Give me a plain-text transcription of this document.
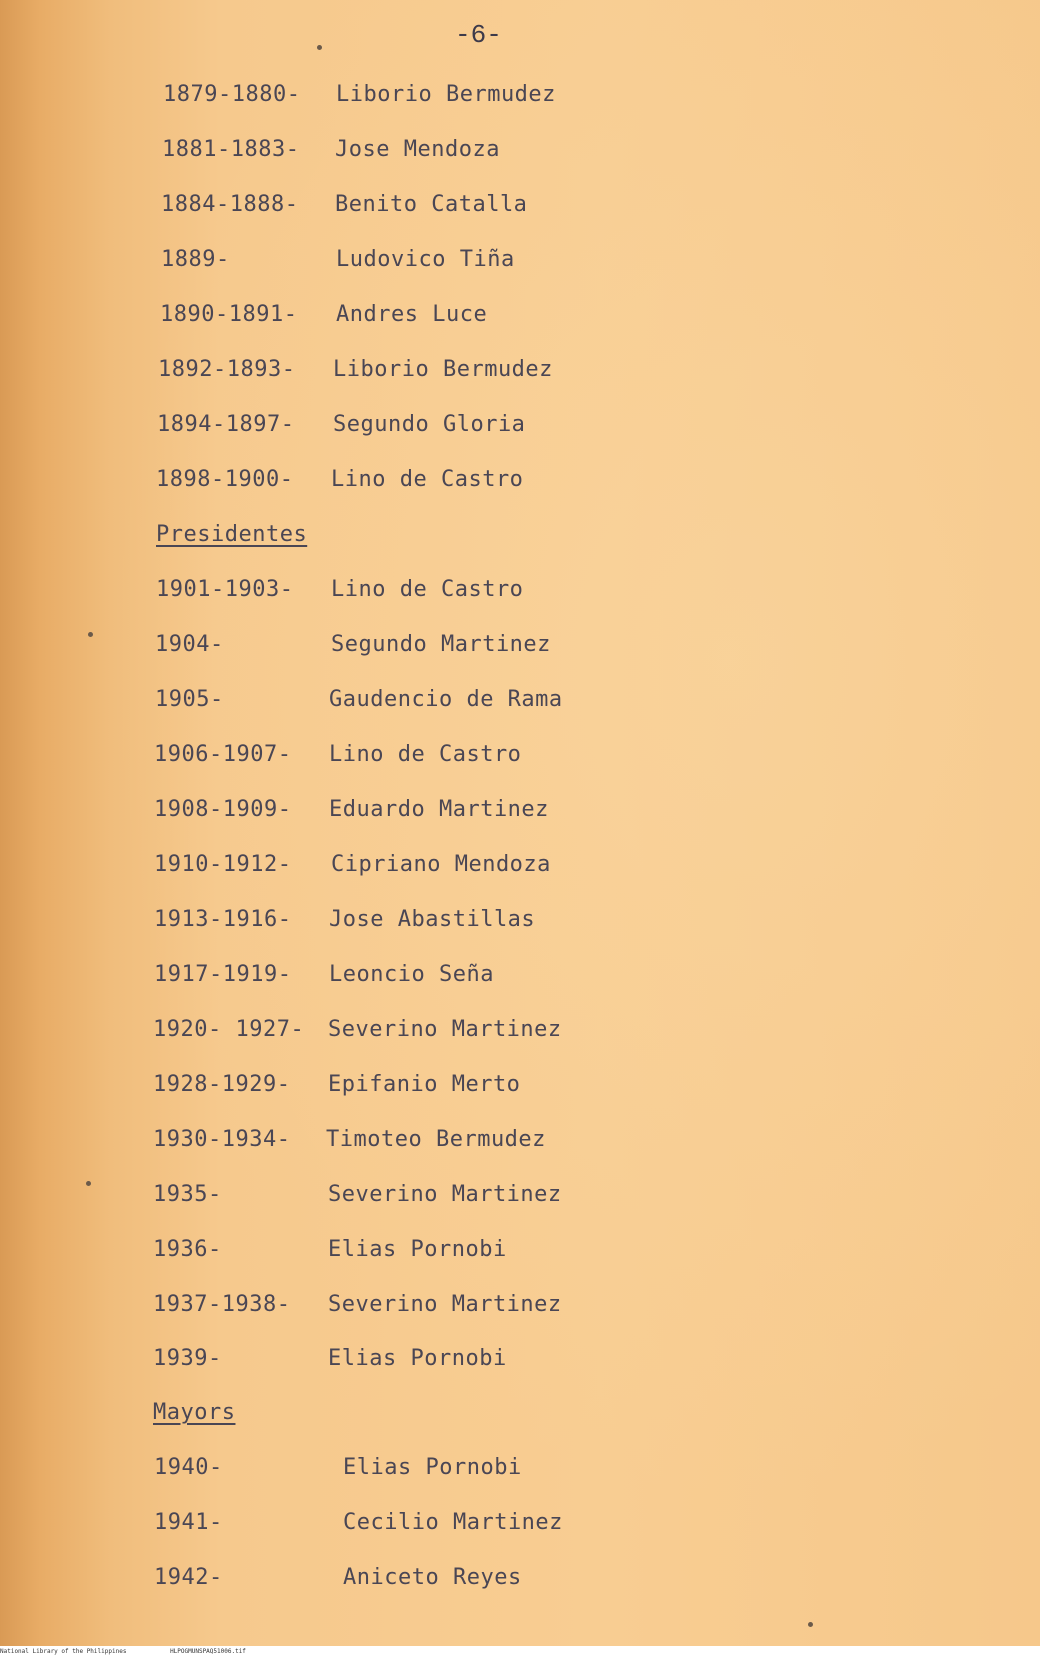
-6-
1879-1880- Liborio Bermudez
1881-1883- Jose Mendoza
1884-1888- Benito Catalla
1889-	Ludovico Tiña
1890-1891- Andres Luce
1892-1893- Liborio Bermudez
1894-1897- Segundo Gloria
1898-1900- Lino de Castro
Presidentes
1901-1903- Lino de Castro
1904-	Segundo Martinez
1905-	Gaudencio de Rama
1906-1907- Lino de Castro
1908-1909- Eduardo Martinez
1910-1912- Cipriano Mendoza
1913-1916- Jose Abastillas
1917-1919- Leoncio Seña
1920- 1927- Severino Martinez
1928-1929- Epifanio Merto
1930-1934- Timoteo Bermudez
1935-	Severino Martinez
1936-	Elias Pornobi
1937-1938- Severino Martinez
1939-	Elias Pornobi
Mayors
1940-	Elias Pornobi
1941-	Cecilio Martinez
1942-	Aniceto Reyes
National Library of the Philippines	HLPOGMUNSPAQ51006.tif
